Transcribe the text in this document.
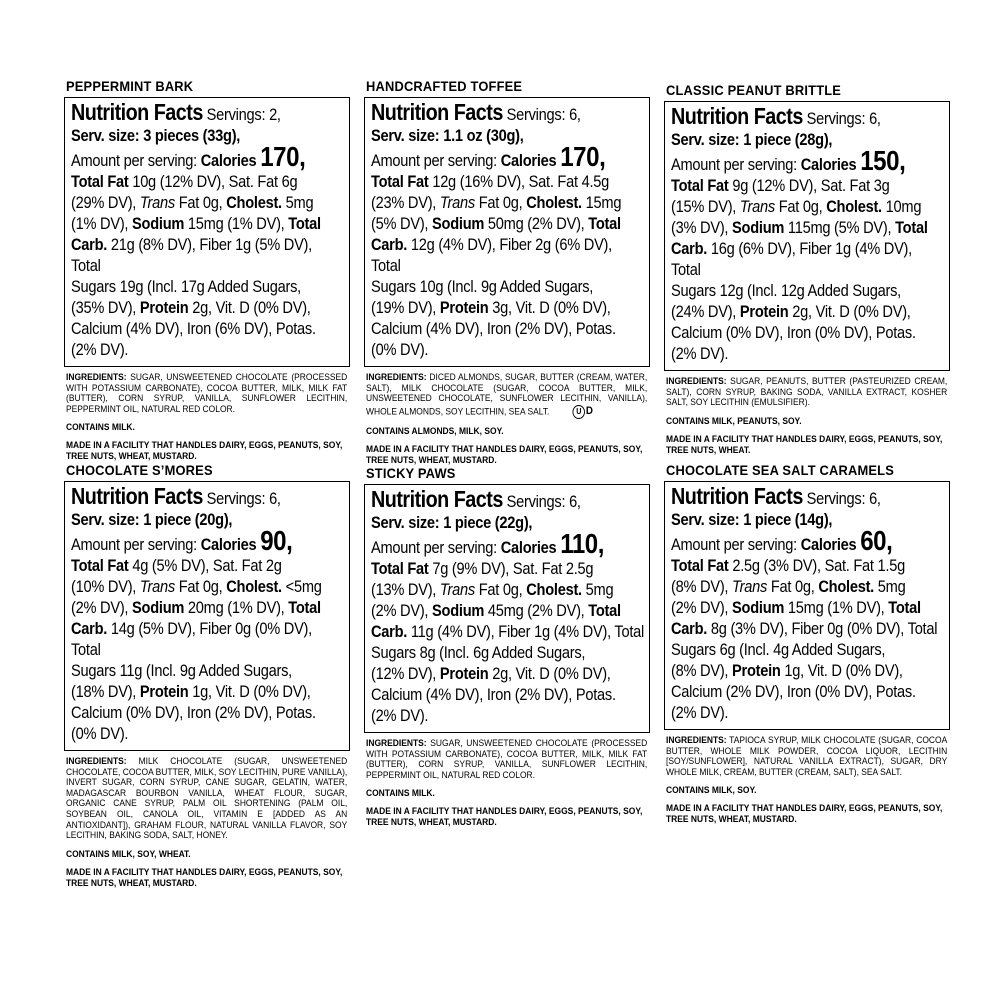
PEPPERMINT BARK
Nutrition Facts Servings: 2,
Serv. size: 3 pieces (33g),
Amount per serving: Calories 170,
Total Fat 10g (12% DV), Sat. Fat 6g
(29% DV), Trans Fat 0g, Cholest. 5mg
(1% DV), Sodium 15mg (1% DV), Total
Carb. 21g (8% DV), Fiber 1g (5% DV), Total
Sugars 19g (Incl. 17g Added Sugars,
(35% DV), Protein 2g, Vit. D (0% DV),
Calcium (4% DV), Iron (6% DV), Potas. (2% DV).
INGREDIENTS: SUGAR, UNSWEETENED CHOCOLATE (PROCESSED WITH POTASSIUM CARBONATE), COCOA BUTTER, MILK, MILK FAT (BUTTER), CORN SYRUP, VANILLA, SUNFLOWER LECITHIN, PEPPERMINT OIL, NATURAL RED COLOR.
CONTAINS MILK.
MADE IN A FACILITY THAT HANDLES DAIRY, EGGS, PEANUTS, SOY, TREE NUTS, WHEAT, MUSTARD.
HANDCRAFTED TOFFEE
Nutrition Facts Servings: 6,
Serv. size: 1.1 oz (30g),
Amount per serving: Calories 170,
Total Fat 12g (16% DV), Sat. Fat 4.5g
(23% DV), Trans Fat 0g, Cholest. 15mg
(5% DV), Sodium 50mg (2% DV), Total
Carb. 12g (4% DV), Fiber 2g (6% DV), Total
Sugars 10g (Incl. 9g Added Sugars,
(19% DV), Protein 3g, Vit. D (0% DV),
Calcium (4% DV), Iron (2% DV), Potas. (0% DV).
INGREDIENTS: DICED ALMONDS, SUGAR, BUTTER (CREAM, WATER, SALT), MILK CHOCOLATE (SUGAR, COCOA BUTTER, MILK, UNSWEETENED CHOCOLATE, SUNFLOWER LECITHIN, VANILLA), WHOLE ALMONDS, SOY LECITHIN, SEA SALT.	U D
CONTAINS ALMONDS, MILK, SOY.
MADE IN A FACILITY THAT HANDLES DAIRY, EGGS, PEANUTS, SOY, TREE NUTS, WHEAT, MUSTARD.
CLASSIC PEANUT BRITTLE
Nutrition Facts Servings: 6,
Serv. size: 1 piece (28g),
Amount per serving: Calories 150,
Total Fat 9g (12% DV), Sat. Fat 3g
(15% DV), Trans Fat 0g, Cholest. 10mg
(3% DV), Sodium 115mg (5% DV), Total
Carb. 16g (6% DV), Fiber 1g (4% DV), Total
Sugars 12g (Incl. 12g Added Sugars,
(24% DV), Protein 2g, Vit. D (0% DV),
Calcium (0% DV), Iron (0% DV), Potas. (2% DV).
INGREDIENTS: SUGAR, PEANUTS, BUTTER (PASTEURIZED CREAM, SALT), CORN SYRUP, BAKING SODA, VANILLA EXTRACT, KOSHER SALT, SOY LECITHIN (EMULSIFIER).
CONTAINS MILK, PEANUTS, SOY.
MADE IN A FACILITY THAT HANDLES DAIRY, EGGS, PEANUTS, SOY, TREE NUTS, WHEAT.
CHOCOLATE S’MORES
Nutrition Facts Servings: 6,
Serv. size: 1 piece (20g),
Amount per serving: Calories 90,
Total Fat 4g (5% DV), Sat. Fat 2g
(10% DV), Trans Fat 0g, Cholest. <5mg
(2% DV), Sodium 20mg (1% DV), Total
Carb. 14g (5% DV), Fiber 0g (0% DV), Total
Sugars 11g (Incl. 9g Added Sugars,
(18% DV), Protein 1g, Vit. D (0% DV),
Calcium (0% DV), Iron (2% DV), Potas. (0% DV).
INGREDIENTS: MILK CHOCOLATE (SUGAR, UNSWEETENED CHOCOLATE, COCOA BUTTER, MILK, SOY LECITHIN, PURE VANILLA), INVERT SUGAR, CORN SYRUP, CANE SUGAR, GELATIN, WATER, MADAGASCAR BOURBON VANILLA, WHEAT FLOUR, SUGAR, ORGANIC CANE SYRUP, PALM OIL SHORTENING (PALM OIL, SOYBEAN OIL, CANOLA OIL, VITAMIN E [ADDED AS AN ANTIOXIDANT]), GRAHAM FLOUR, NATURAL VANILLA FLAVOR, SOY LECITHIN, BAKING SODA, SALT, HONEY.
CONTAINS MILK, SOY, WHEAT.
MADE IN A FACILITY THAT HANDLES DAIRY, EGGS, PEANUTS, SOY, TREE NUTS, WHEAT, MUSTARD.
STICKY PAWS
Nutrition Facts Servings: 6,
Serv. size: 1 piece (22g),
Amount per serving: Calories 110,
Total Fat 7g (9% DV), Sat. Fat 2.5g
(13% DV), Trans Fat 0g, Cholest. 5mg
(2% DV), Sodium 45mg (2% DV), Total
Carb. 11g (4% DV), Fiber 1g (4% DV), Total
Sugars 8g (Incl. 6g Added Sugars,
(12% DV), Protein 2g, Vit. D (0% DV),
Calcium (4% DV), Iron (2% DV), Potas. (2% DV).
INGREDIENTS: SUGAR, UNSWEETENED CHOCOLATE (PROCESSED WITH POTASSIUM CARBONATE), COCOA BUTTER, MILK, MILK FAT (BUTTER), CORN SYRUP, VANILLA, SUNFLOWER LECITHIN, PEPPERMINT OIL, NATURAL RED COLOR.
CONTAINS MILK.
MADE IN A FACILITY THAT HANDLES DAIRY, EGGS, PEANUTS, SOY, TREE NUTS, WHEAT, MUSTARD.
CHOCOLATE SEA SALT CARAMELS
Nutrition Facts Servings: 6,
Serv. size: 1 piece (14g),
Amount per serving: Calories 60,
Total Fat 2.5g (3% DV), Sat. Fat 1.5g
(8% DV), Trans Fat 0g, Cholest. 5mg
(2% DV), Sodium 15mg (1% DV), Total
Carb. 8g (3% DV), Fiber 0g (0% DV), Total
Sugars 6g (Incl. 4g Added Sugars,
(8% DV), Protein 1g, Vit. D (0% DV),
Calcium (2% DV), Iron (0% DV), Potas. (2% DV).
INGREDIENTS: TAPIOCA SYRUP, MILK CHOCOLATE (SUGAR, COCOA BUTTER, WHOLE MILK POWDER, COCOA LIQUOR, LECITHIN [SOY/SUNFLOWER], NATURAL VANILLA EXTRACT), SUGAR, DRY WHOLE MILK, CREAM, BUTTER (CREAM, SALT), SEA SALT.
CONTAINS MILK, SOY.
MADE IN A FACILITY THAT HANDLES DAIRY, EGGS, PEANUTS, SOY, TREE NUTS, WHEAT, MUSTARD.
